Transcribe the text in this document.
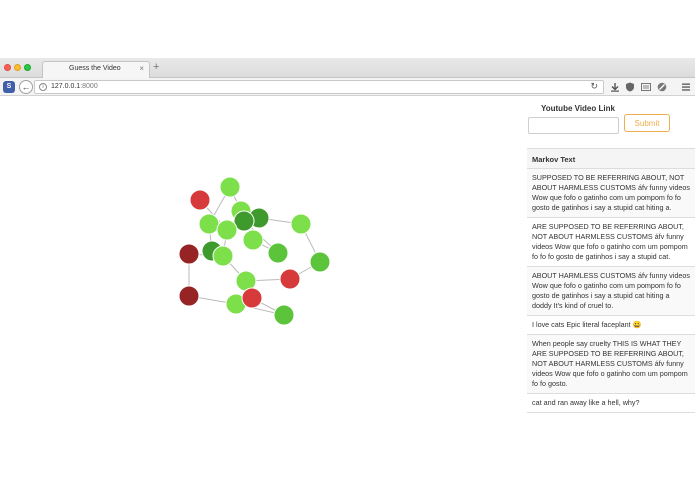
Guess the Video × +
S	←	i	127.0.0.1:8000	↻
Youtube Video Link
Submit
Markov Text
SUPPOSED TO BE REFERRING ABOUT, NOT ABOUT HARMLESS CUSTOMS áfv funny videos Wow que fofo o gatinho com um pompom fo fo gosto de gatinhos i say a stupid cat hiting a.
ARE SUPPOSED TO BE REFERRING ABOUT, NOT ABOUT HARMLESS CUSTOMS áfv funny videos Wow que fofo o gatinho com um pompom fo fo fo gosto de gatinhos i say a stupid cat.
ABOUT HARMLESS CUSTOMS áfv funny videos Wow que fofo o gatinho com um pompom fo fo gosto de gatinhos i say a stupid cat hiting a doddy It's kind of cruel to.
I love cats Epic literal faceplant 😀
When people say cruelty THIS IS WHAT THEY ARE SUPPOSED TO BE REFERRING ABOUT, NOT ABOUT HARMLESS CUSTOMS áfv funny videos Wow que fofo o gatinho com um pompom fo fo gosto.
cat and ran away like a hell, why?
